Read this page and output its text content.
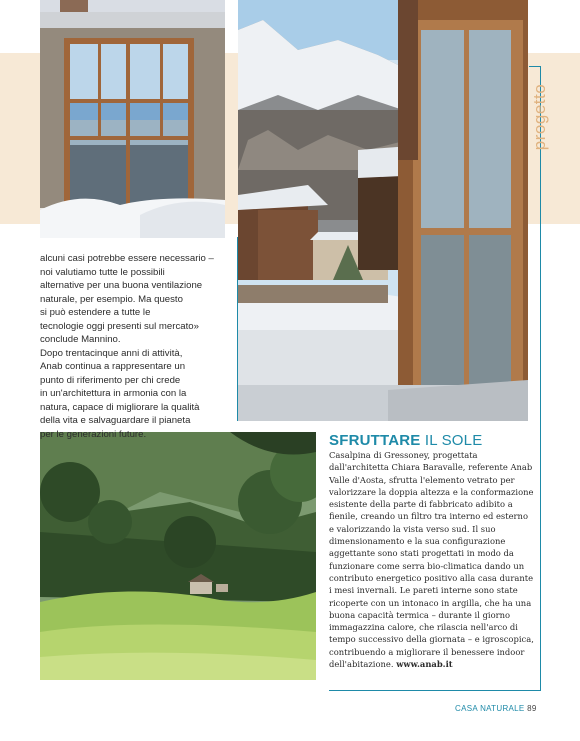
progetto

alcuni casi potrebbe essere necessario –

noi valutiamo tutte le possibili

alternative per una buona ventilazione

naturale, per esempio. Ma questo

si può estendere a tutte le

tecnologie oggi presenti sul mercato»

conclude Mannino.

Dopo trentacinque anni di attività,

Anab continua a rappresentare un

punto di riferimento per chi crede

in un'architettura in armonia con la

natura, capace di migliorare la qualità

della vita e salvaguardare il pianeta

per le generazioni future.	SFRUTTARE IL SOLE
Casalpina di Gressoney, progettata dall'architetta Chiara Baravalle, referente Anab Valle d'Aosta, sfrutta l'elemento vetrato per valorizzare la doppia altezza e la conformazione esistente della parte di fabbricato adibito a fienile, creando un filtro tra interno ed esterno e valorizzando la vista verso sud. Il suo dimensionamento e la sua configurazione aggettante sono stati progettati in modo da funzionare come serra bio-climatica dando un contributo energetico positivo alla casa durante i mesi invernali. Le pareti interne sono state ricoperte con un intonaco in argilla, che ha una buona capacità termica – durante il giorno immagazzina calore, che rilascia nell'arco di tempo successivo della giornata – e igroscopica, contribuendo a migliorare il benessere indoor dell'abitazione. www.anab.it
CASA NATURALE 89
